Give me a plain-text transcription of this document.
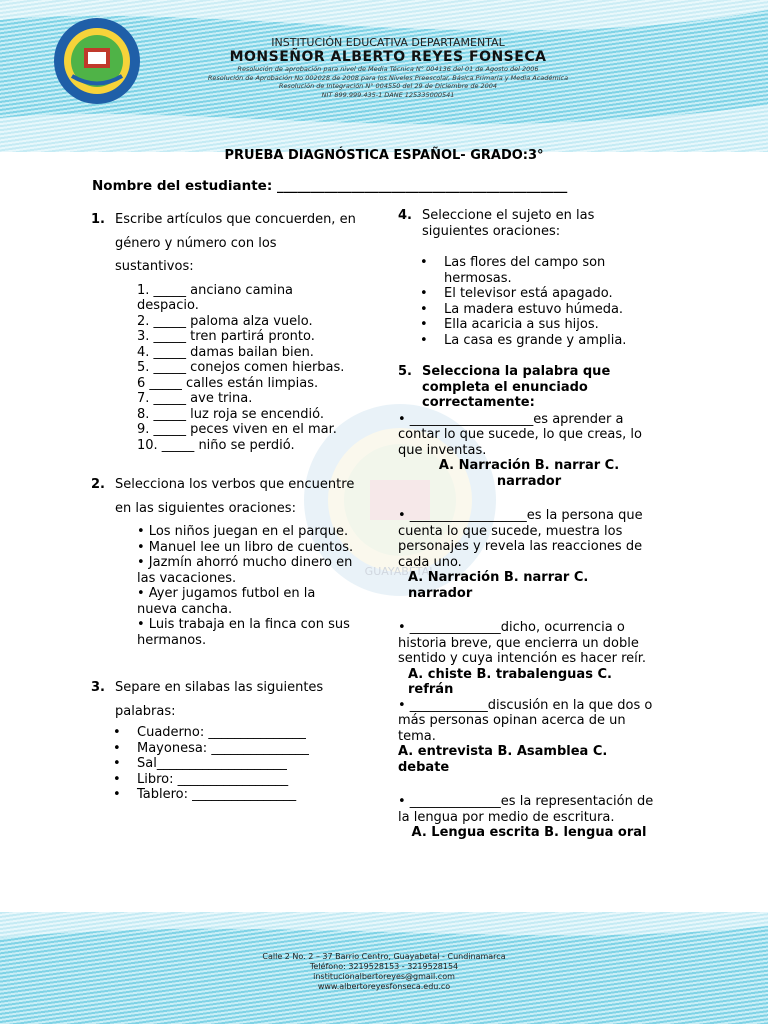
INSTITUCIÓN EDUCATIVA DEPARTAMENTAL
MONSEÑOR ALBERTO REYES FONSECA
Resolución de aprobación para nivel de Media Técnica N° 004136 del 01 de Agosto del 2006
Resolución de Aprobación No 002028 de 2008 para los Niveles Preescolar, Básica Primaria y Media Académica
Resolución de Integración N° 004550 del 29 de Diciembre de 2004
NIT 899.999.435-1 DANE 125335000541
GUAYABETAL
PRUEBA DIAGNÓSTICA ESPAÑOL- GRADO:3°
Nombre del estudiante: ___________________________________________
1. Escribe artículos que concuerden, en género y número con los sustantivos:
1. _____ anciano camina despacio.
2. _____ paloma alza vuelo.
3. _____ tren partirá pronto.
4. _____ damas bailan bien.
5. _____ conejos comen hierbas.
6 _____ calles están limpias.
7. _____ ave trina.
8. _____ luz roja se encendió.
9. _____ peces viven en el mar.
10. _____ niño se perdió.
2. Selecciona los verbos que encuentre en las siguientes oraciones:
• Los niños juegan en el parque.
• Manuel lee un libro de cuentos.
• Jazmín ahorró mucho dinero en las vacaciones.
• Ayer jugamos futbol en la nueva cancha.
• Luis trabaja en la finca con sus hermanos.
3. Separe en silabas las siguientes palabras:
• Cuaderno: _______________
• Mayonesa: _______________
• Sal____________________
• Libro: _________________
• Tablero: ________________
4. Seleccione el sujeto en las siguientes oraciones:
• Las flores del campo son hermosas.
• El televisor está apagado.
• La madera estuvo húmeda.
• Ella acaricia a sus hijos.
• La casa es grande y amplia.
5. Selecciona la palabra que completa el enunciado correctamente:
• ___________________es aprender a contar lo que sucede, lo que creas, lo que inventas.
A. Narración B. narrar C. narrador
• __________________es la persona que cuenta lo que sucede, muestra los personajes y revela las reacciones de cada uno.
A. Narración B. narrar C. narrador
• ______________dicho, ocurrencia o historia breve, que encierra un doble sentido y cuya intención es hacer reír.
A. chiste B. trabalenguas C. refrán
• ____________discusión en la que dos o más personas opinan acerca de un tema.
A. entrevista B. Asamblea C. debate
• ______________es la representación de la lengua por medio de escritura.
A. Lengua escrita B. lengua oral
Calle 2 No. 2 – 37 Barrio Centro, Guayabetal - Cundinamarca
Teléfono: 3219528153 - 3219528154
institucionalbertoreyes@gmail.com
www.albertoreyesfonseca.edu.co
